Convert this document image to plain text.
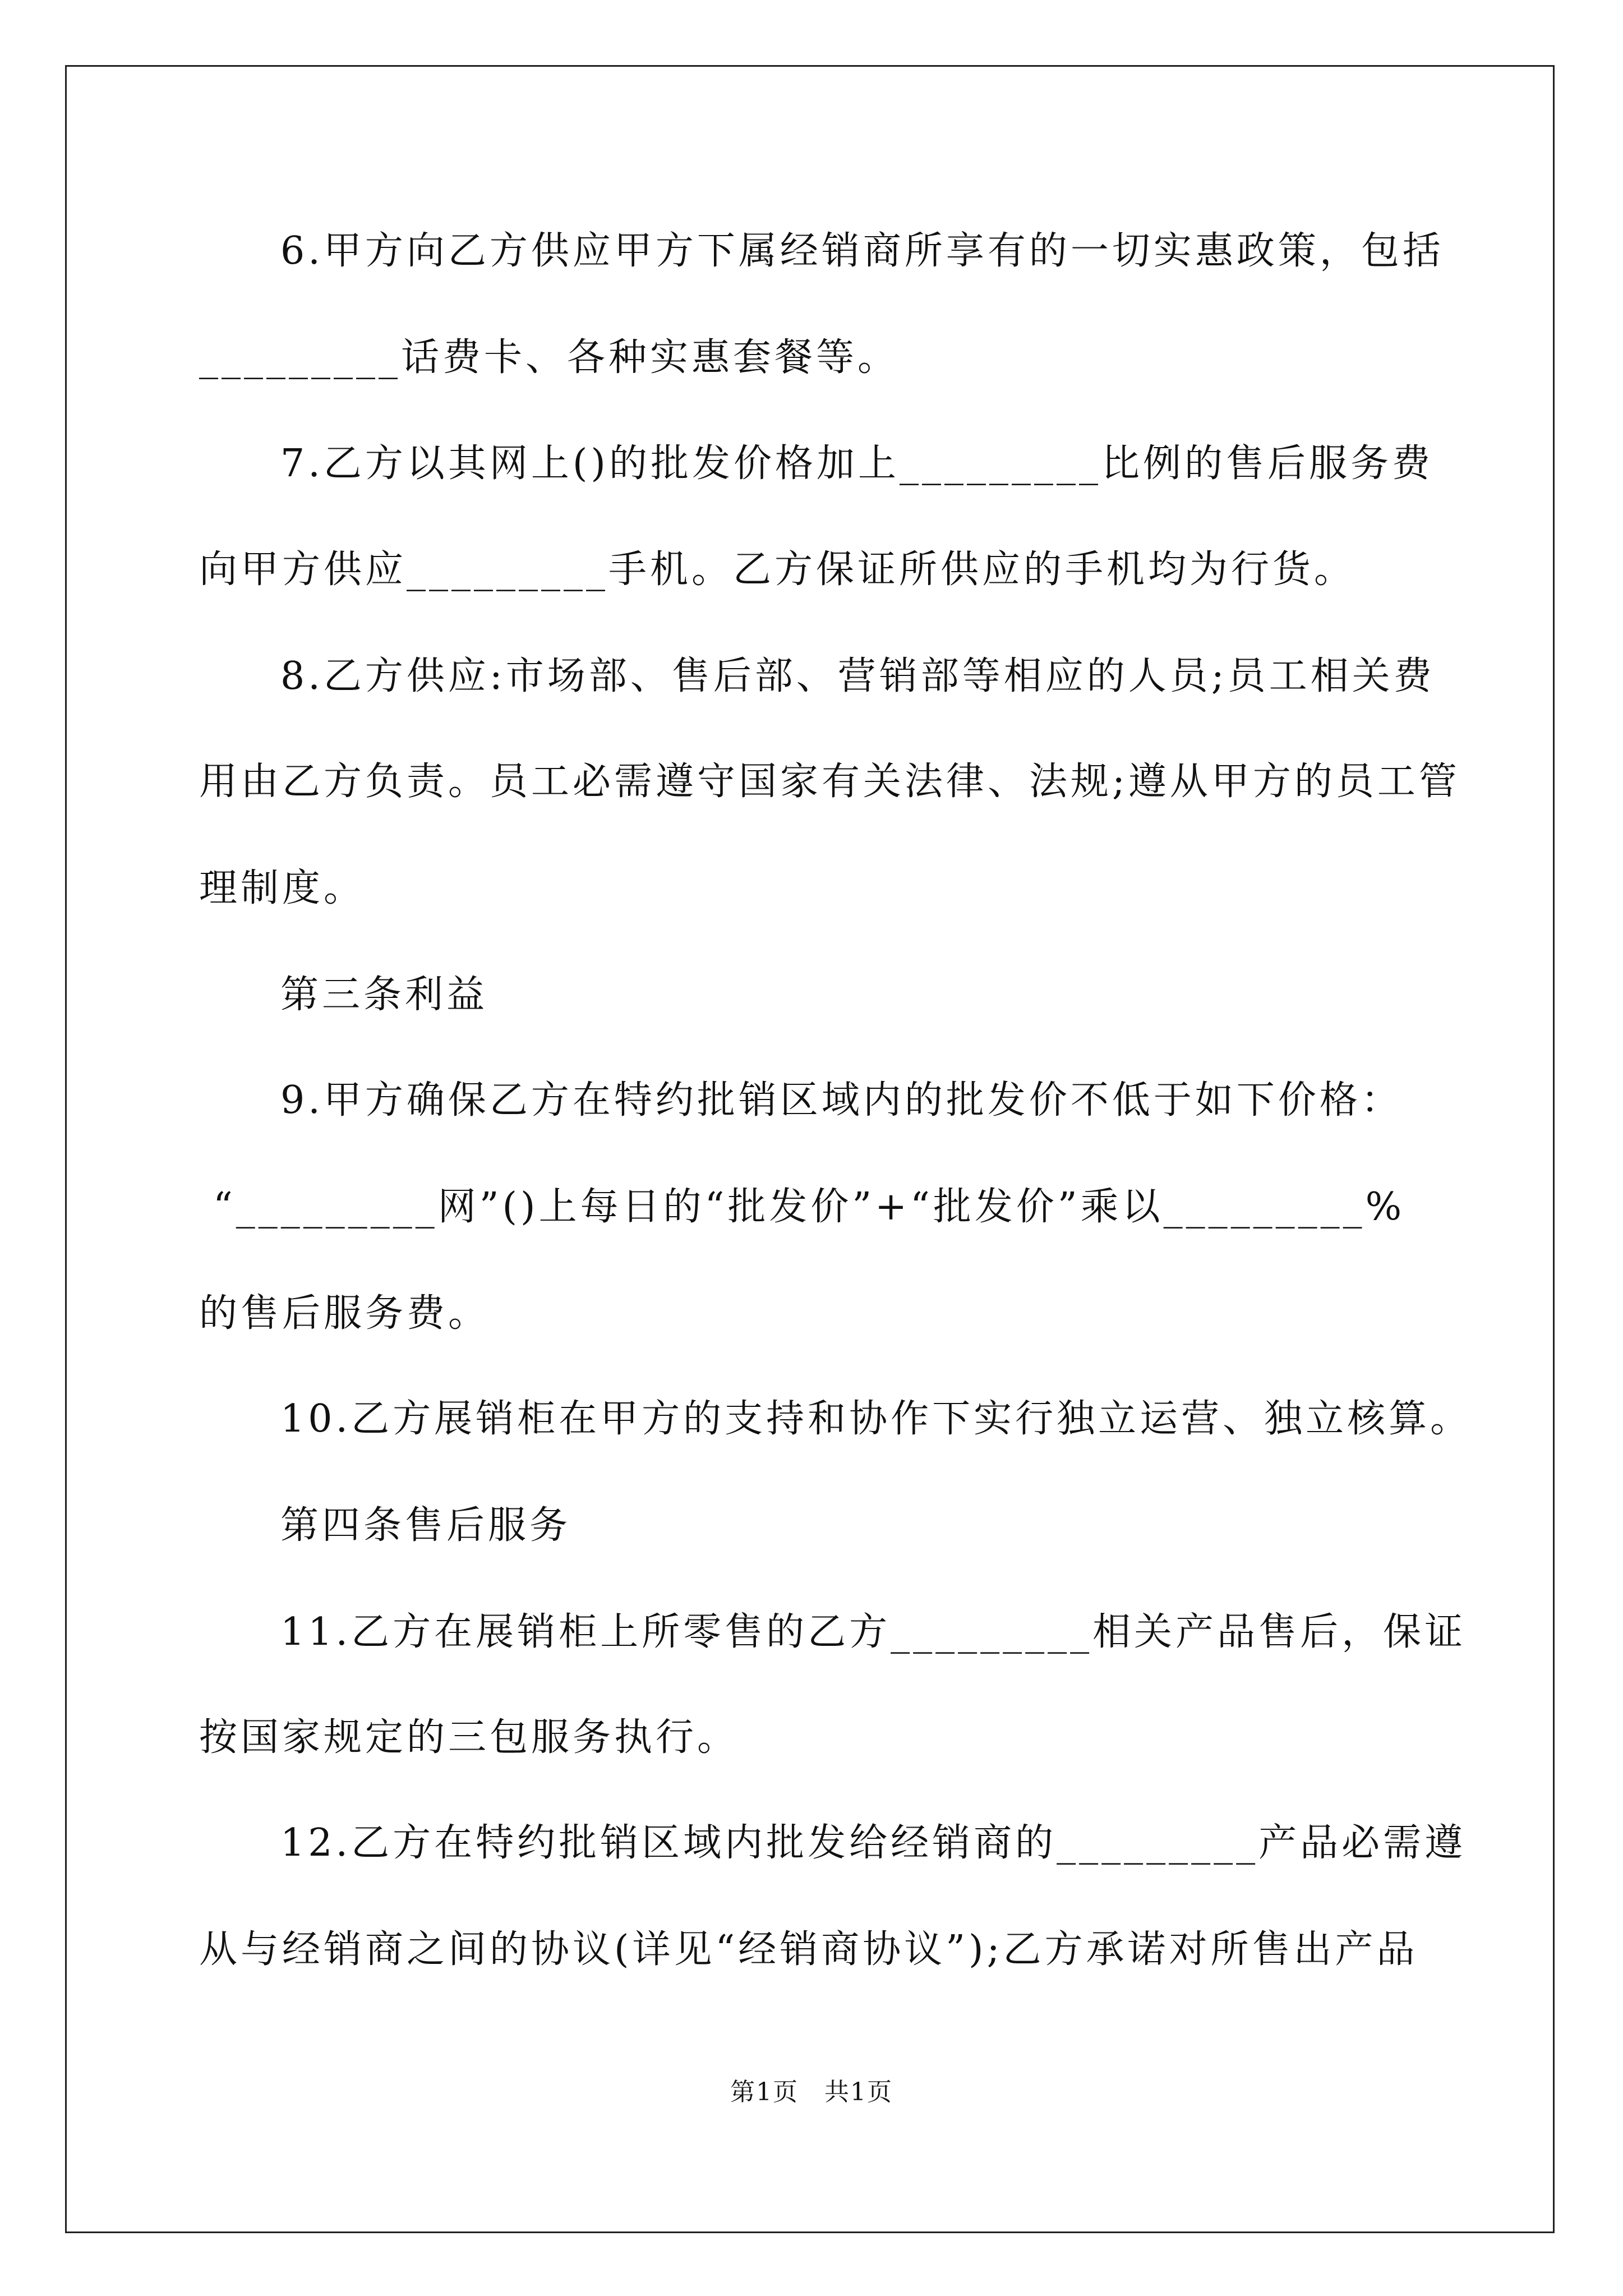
6.甲方向乙方供应甲方下属经销商所享有的一切实惠政策，包括
_________话费卡、各种实惠套餐等。
7.乙方以其网上()的批发价格加上_________比例的售后服务费
向甲方供应_________手机。乙方保证所供应的手机均为行货。
8.乙方供应:市场部、售后部、营销部等相应的人员;员工相关费
用由乙方负责。员工必需遵守国家有关法律、法规;遵从甲方的员工管
理制度。
第三条利益
9.甲方确保乙方在特约批销区域内的批发价不低于如下价格：
“_________网”()上每日的“批发价”+“批发价”乘以_________%
的售后服务费。
10.乙方展销柜在甲方的支持和协作下实行独立运营、独立核算。
第四条售后服务
11.乙方在展销柜上所零售的乙方_________相关产品售后，保证
按国家规定的三包服务执行。
12.乙方在特约批销区域内批发给经销商的_________产品必需遵
从与经销商之间的协议(详见“经销商协议”);乙方承诺对所售出产品
第1页　共1页
